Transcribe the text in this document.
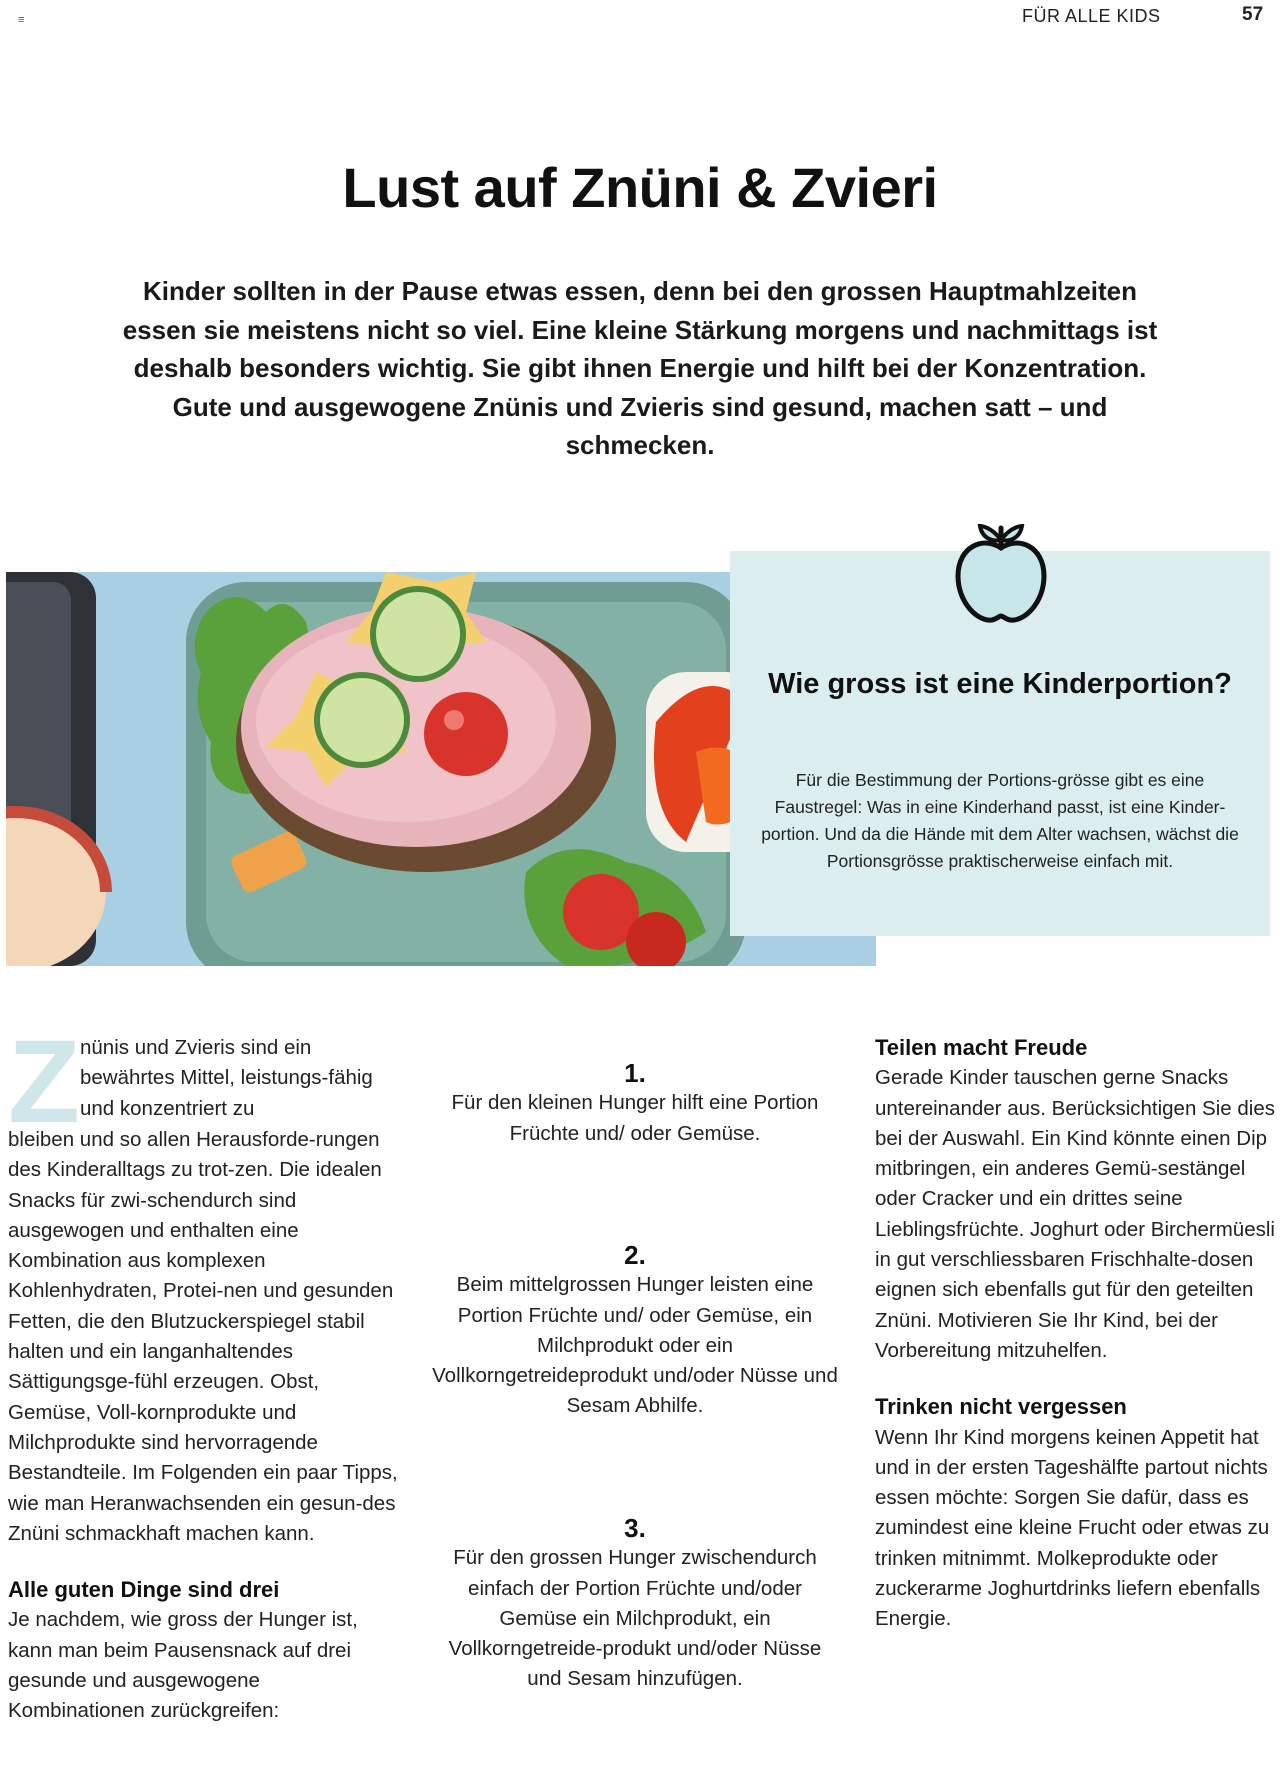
≡	FÜR ALLE KIDS	57
Lust auf Znüni & Zvieri

Kinder sollten in der Pause etwas essen, denn bei den grossen Hauptmahlzeiten essen sie meistens nicht so viel. Eine kleine Stärkung morgens und nachmittags ist deshalb besonders wichtig. Sie gibt ihnen Energie und hilft bei der Konzentration. Gute und ausgewogene Znünis und Zvieris sind gesund, machen satt – und schmecken.

Wie gross ist eine Kinderportion?

Für die Bestimmung der Portions-grösse gibt es eine Faustregel: Was in eine Kinderhand passt, ist eine Kinder-portion. Und da die Hände mit dem Alter wachsen, wächst die Portionsgrösse praktischerweise einfach mit.

Z nünis und Zvieris sind ein bewährtes Mittel, leistungs-fähig und konzentriert zu
bleiben und so allen Herausforde-rungen des Kinderalltags zu trot-zen. Die idealen Snacks für zwi-schendurch sind ausgewogen und enthalten eine Kombination aus komplexen Kohlenhydraten, Protei-nen und gesunden Fetten, die den Blutzuckerspiegel stabil halten und ein langanhaltendes Sättigungsge-fühl erzeugen. Obst, Gemüse, Voll-kornprodukte und Milchprodukte sind hervorragende Bestandteile. Im Folgenden ein paar Tipps, wie man Heranwachsenden ein gesun-des Znüni schmackhaft machen kann.
Alle guten Dinge sind drei
Je nachdem, wie gross der Hunger ist, kann man beim Pausensnack auf drei gesunde und ausgewogene Kombinationen zurückgreifen:
1.
Für den kleinen Hunger hilft eine Portion Früchte und/ oder Gemüse.
2.
Beim mittelgrossen Hunger leisten eine Portion Früchte und/ oder Gemüse, ein Milchprodukt oder ein Vollkorngetreideprodukt und/oder Nüsse und Sesam Abhilfe.
3.
Für den grossen Hunger zwischendurch einfach der Portion Früchte und/oder Gemüse ein Milchprodukt, ein Vollkorngetreide-produkt und/oder Nüsse und Sesam hinzufügen.
Teilen macht Freude
Gerade Kinder tauschen gerne Snacks untereinander aus. Berücksichtigen Sie dies bei der Auswahl. Ein Kind könnte einen Dip mitbringen, ein anderes Gemü-sestängel oder Cracker und ein drittes seine Lieblingsfrüchte. Joghurt oder Birchermüesli in gut verschliessbaren Frischhalte-dosen eignen sich ebenfalls gut für den geteilten Znüni. Motivieren Sie Ihr Kind, bei der Vorbereitung mitzuhelfen.
Trinken nicht vergessen
Wenn Ihr Kind morgens keinen Appetit hat und in der ersten Tageshälfte partout nichts essen möchte: Sorgen Sie dafür, dass es zumindest eine kleine Frucht oder etwas zu trinken mitnimmt. Molkeprodukte oder zuckerarme Joghurtdrinks liefern ebenfalls Energie.
